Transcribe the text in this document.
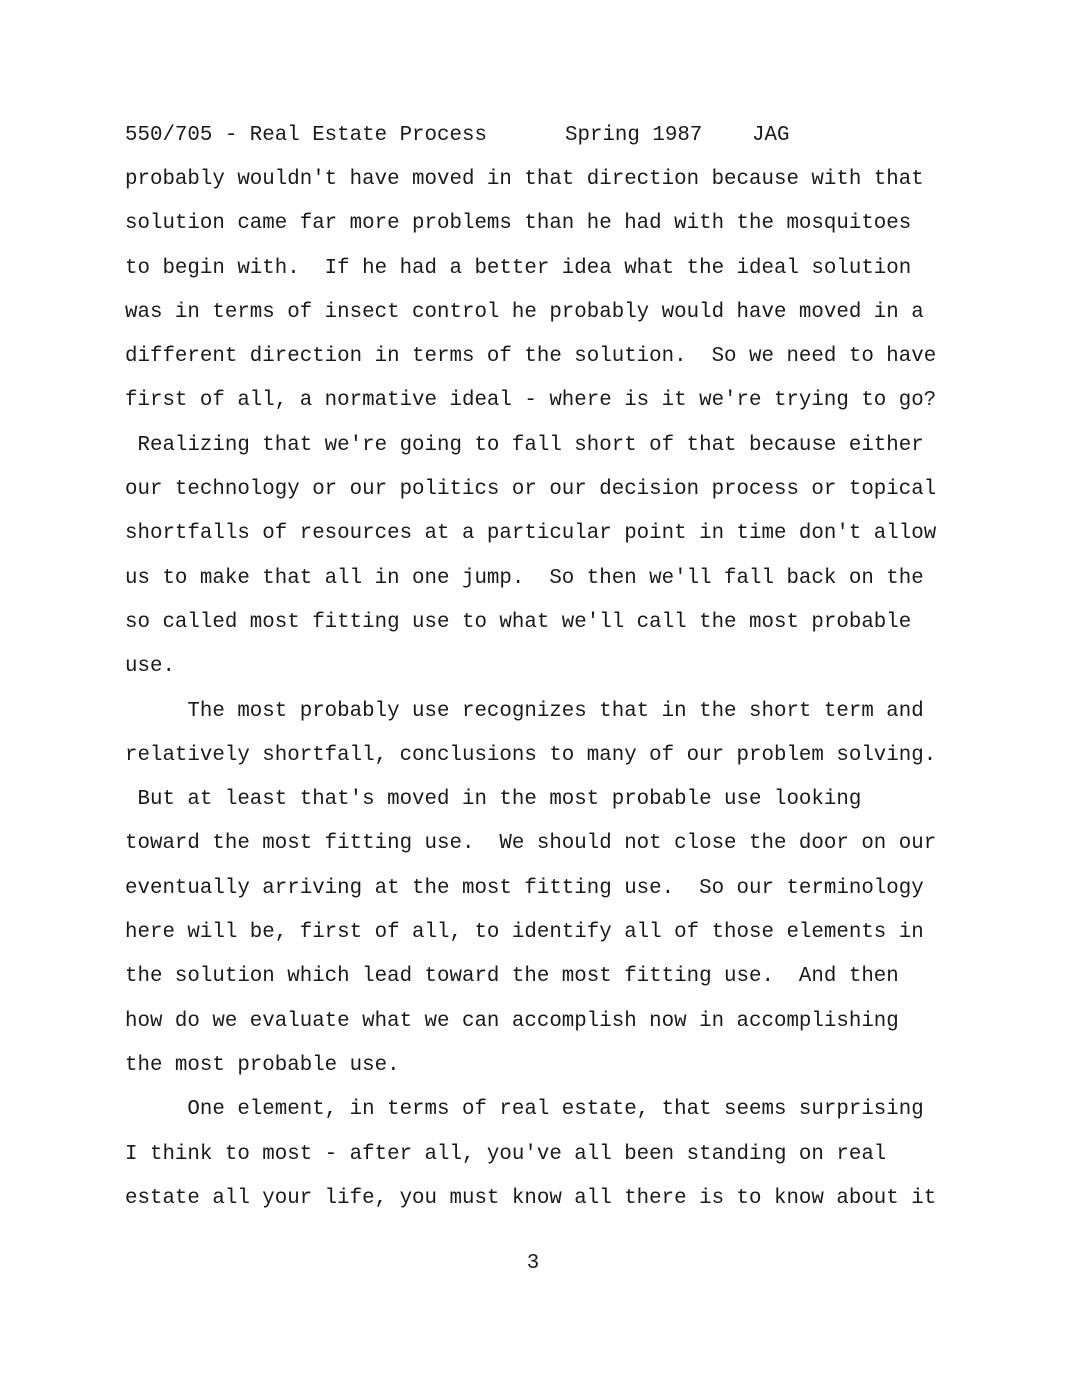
550/705 - Real Estate Process	Spring 1987 JAG
probably wouldn't have moved in that direction because with that
solution came far more problems than he had with the mosquitoes
to begin with.  If he had a better idea what the ideal solution
was in terms of insect control he probably would have moved in a
different direction in terms of the solution.  So we need to have
first of all, a normative ideal - where is it we're trying to go?
Realizing that we're going to fall short of that because either
our technology or our politics or our decision process or topical
shortfalls of resources at a particular point in time don't allow
us to make that all in one jump.  So then we'll fall back on the
so called most fitting use to what we'll call the most probable
use.
The most probably use recognizes that in the short term and
relatively shortfall, conclusions to many of our problem solving.
But at least that's moved in the most probable use looking
toward the most fitting use.  We should not close the door on our
eventually arriving at the most fitting use.  So our terminology
here will be, first of all, to identify all of those elements in
the solution which lead toward the most fitting use.  And then
how do we evaluate what we can accomplish now in accomplishing
the most probable use.
One element, in terms of real estate, that seems surprising
I think to most - after all, you've all been standing on real
estate all your life, you must know all there is to know about it
3
